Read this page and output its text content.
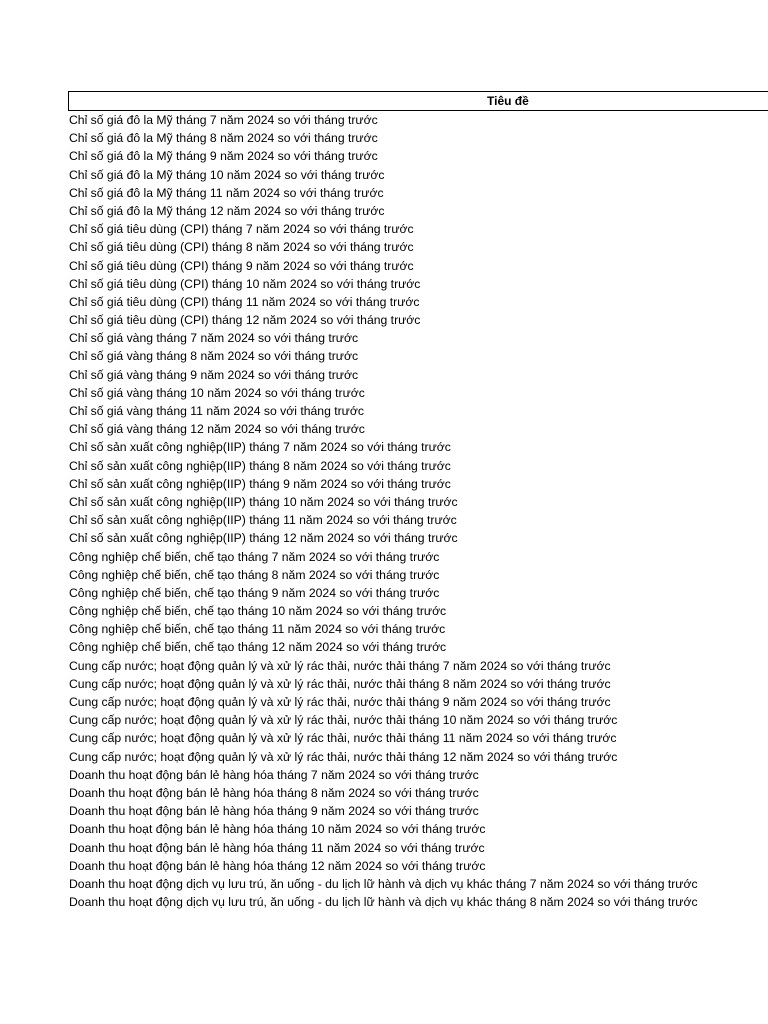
Tiêu đề
Chỉ số giá đô la Mỹ tháng 7 năm 2024 so với tháng trước
Chỉ số giá đô la Mỹ tháng 8 năm 2024 so với tháng trước
Chỉ số giá đô la Mỹ tháng 9 năm 2024 so với tháng trước
Chỉ số giá đô la Mỹ tháng 10 năm 2024 so với tháng trước
Chỉ số giá đô la Mỹ tháng 11 năm 2024 so với tháng trước
Chỉ số giá đô la Mỹ tháng 12 năm 2024 so với tháng trước
Chỉ số giá tiêu dùng (CPI) tháng 7 năm 2024 so với tháng trước
Chỉ số giá tiêu dùng (CPI) tháng 8 năm 2024 so với tháng trước
Chỉ số giá tiêu dùng (CPI) tháng 9 năm 2024 so với tháng trước
Chỉ số giá tiêu dùng (CPI) tháng 10 năm 2024 so với tháng trước
Chỉ số giá tiêu dùng (CPI) tháng 11 năm 2024 so với tháng trước
Chỉ số giá tiêu dùng (CPI) tháng 12 năm 2024 so với tháng trước
Chỉ số giá vàng tháng 7 năm 2024 so với tháng trước
Chỉ số giá vàng tháng 8 năm 2024 so với tháng trước
Chỉ số giá vàng tháng 9 năm 2024 so với tháng trước
Chỉ số giá vàng tháng 10 năm 2024 so với tháng trước
Chỉ số giá vàng tháng 11 năm 2024 so với tháng trước
Chỉ số giá vàng tháng 12 năm 2024 so với tháng trước
Chỉ số sản xuất công nghiệp(IIP) tháng 7 năm 2024 so với tháng trước
Chỉ số sản xuất công nghiệp(IIP) tháng 8 năm 2024 so với tháng trước
Chỉ số sản xuất công nghiệp(IIP) tháng 9 năm 2024 so với tháng trước
Chỉ số sản xuất công nghiệp(IIP) tháng 10 năm 2024 so với tháng trước
Chỉ số sản xuất công nghiệp(IIP) tháng 11 năm 2024 so với tháng trước
Chỉ số sản xuất công nghiệp(IIP) tháng 12 năm 2024 so với tháng trước
Công nghiệp chế biến, chế tạo tháng 7 năm 2024 so với tháng trước
Công nghiệp chế biến, chế tạo tháng 8 năm 2024 so với tháng trước
Công nghiệp chế biến, chế tạo tháng 9 năm 2024 so với tháng trước
Công nghiệp chế biến, chế tạo tháng 10 năm 2024 so với tháng trước
Công nghiệp chế biến, chế tạo tháng 11 năm 2024 so với tháng trước
Công nghiệp chế biến, chế tạo tháng 12 năm 2024 so với tháng trước
Cung cấp nước; hoạt động quản lý và xử lý rác thải, nước thải tháng 7 năm 2024 so với tháng trước
Cung cấp nước; hoạt động quản lý và xử lý rác thải, nước thải tháng 8 năm 2024 so với tháng trước
Cung cấp nước; hoạt động quản lý và xử lý rác thải, nước thải tháng 9 năm 2024 so với tháng trước
Cung cấp nước; hoạt động quản lý và xử lý rác thải, nước thải tháng 10 năm 2024 so với tháng trước
Cung cấp nước; hoạt động quản lý và xử lý rác thải, nước thải tháng 11 năm 2024 so với tháng trước
Cung cấp nước; hoạt động quản lý và xử lý rác thải, nước thải tháng 12 năm 2024 so với tháng trước
Doanh thu hoạt động bán lẻ hàng hóa tháng 7 năm 2024 so với tháng trước
Doanh thu hoạt động bán lẻ hàng hóa tháng 8 năm 2024 so với tháng trước
Doanh thu hoạt động bán lẻ hàng hóa tháng 9 năm 2024 so với tháng trước
Doanh thu hoạt động bán lẻ hàng hóa tháng 10 năm 2024 so với tháng trước
Doanh thu hoạt động bán lẻ hàng hóa tháng 11 năm 2024 so với tháng trước
Doanh thu hoạt động bán lẻ hàng hóa tháng 12 năm 2024 so với tháng trước
Doanh thu hoạt động dịch vụ lưu trú, ăn uống - du lịch lữ hành và dịch vụ khác tháng 7 năm 2024 so với tháng trước
Doanh thu hoạt động dịch vụ lưu trú, ăn uống - du lịch lữ hành và dịch vụ khác tháng 8 năm 2024 so với tháng trước
